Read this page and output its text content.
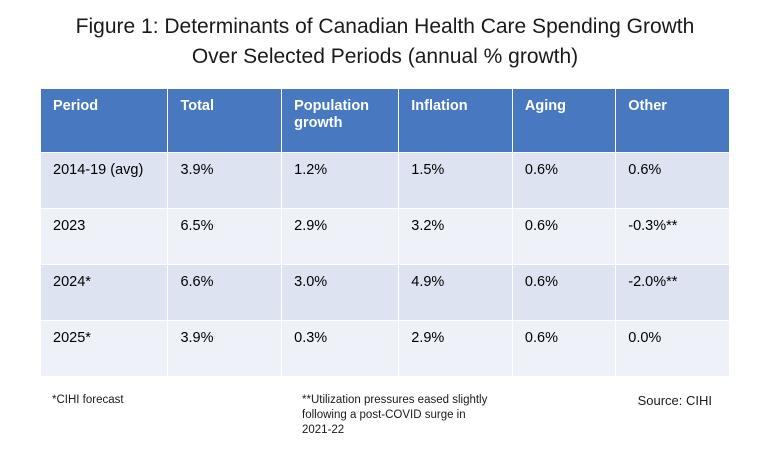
Figure 1: Determinants of Canadian Health Care Spending Growth
Over Selected Periods (annual % growth)
Period	Total	Population growth	Inflation	Aging	Other
2014-19 (avg)	3.9%	1.2%	1.5%	0.6%	0.6%
2023	6.5%	2.9%	3.2%	0.6%	-0.3%**
2024*	6.6%	3.0%	4.9%	0.6%	-2.0%**
2025*	3.9%	0.3%	2.9%	0.6%	0.0%
*CIHI forecast	**Utilization pressures eased slightly following a post-COVID surge in 2021-22
Source: CIHI
